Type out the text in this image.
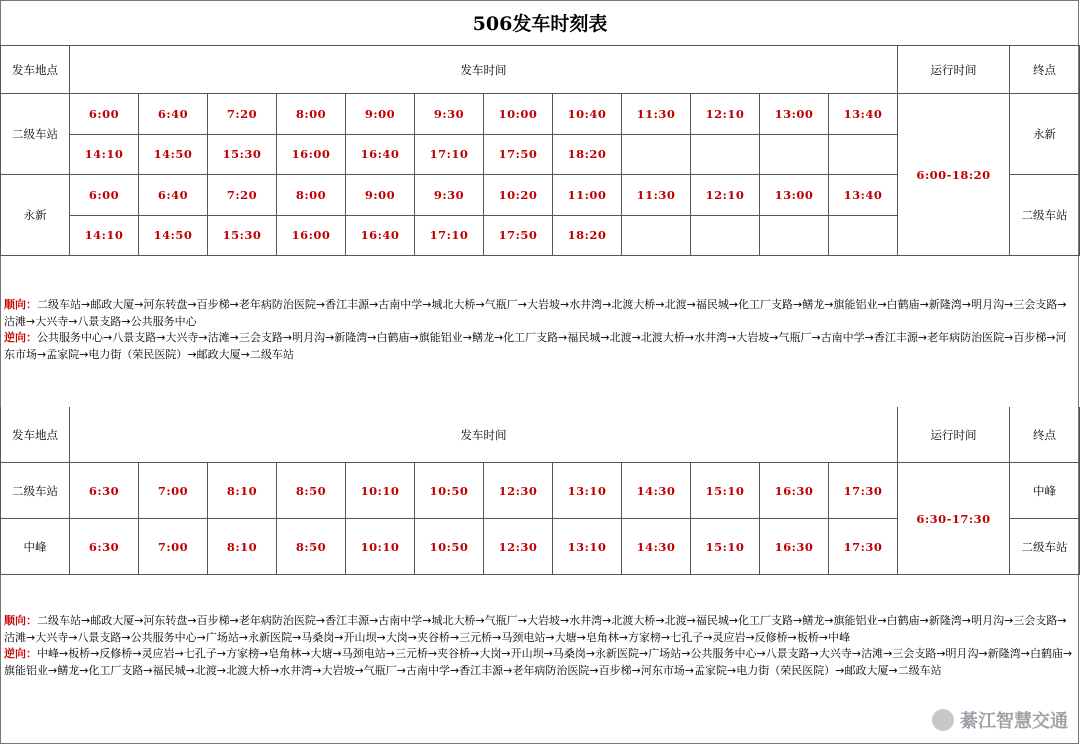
506发车时刻表
发车地点	发车时间	运行时间	终点
二级车站	永新
6:00	6:40	7:20	8:00	9:00	9:30	10:00	10:40	11:30	12:10	13:00	13:40
14:10	14:50	15:30	16:00	16:40	17:10	17:50	18:20
永新	二级车站
6:00	6:40	7:20	8:00	9:00	9:30	10:20	11:00	11:30	12:10	13:00	13:40
14:10	14:50	15:30	16:00	16:40	17:10	17:50	18:20
6:00-18:20
发车地点	发车时间	运行时间	终点
二级车站	中峰
6:30	7:00	8:10	8:50	10:10	10:50	12:30	13:10	14:30	15:10	16:30	17:30
中峰	二级车站
6:30	7:00	8:10	8:50	10:10	10:50	12:30	13:10	14:30	15:10	16:30	17:30
6:30-17:30
顺向：二级车站→邮政大厦→河东转盘→百步梯→老年病防治医院→香江丰源→古南中学→城北大桥→气瓶厂→大岩坡→水井湾→北渡大桥→北渡→福民城→化工厂支路→鳝龙→旗能铝业→白鹤庙→新隆湾→明月沟→三会支路→沽滩→大兴寺→八景支路→公共服务中心
逆向：公共服务中心→八景支路→大兴寺→沽滩→三会支路→明月沟→新隆湾→白鹤庙→旗能铝业→鳝龙→化工厂支路→福民城→北渡→北渡大桥→水井湾→大岩坡→气瓶厂→古南中学→香江丰源→老年病防治医院→百步梯→河东市场→孟家院→电力街（荣民医院）→邮政大厦→二级车站
顺向：二级车站→邮政大厦→河东转盘→百步梯→老年病防治医院→香江丰源→古南中学→城北大桥→气瓶厂→大岩坡→水井湾→北渡大桥→北渡→福民城→化工厂支路→鳝龙→旗能铝业→白鹤庙→新隆湾→明月沟→三会支路→沽滩→大兴寺→八景支路→公共服务中心→广场站→永新医院→马桑岗→开山坝→大岗→夹谷桥→三元桥→马颈电站→大塘→皂角林→方家榜→七孔子→灵应岩→反修桥→板桥→中峰
逆向：中峰→板桥→反修桥→灵应岩→七孔子→方家榜→皂角林→大塘→马颈电站→三元桥→夹谷桥→大岗→开山坝→马桑岗→永新医院→广场站→公共服务中心→八景支路→大兴寺→沽滩→三会支路→明月沟→新隆湾→白鹤庙→旗能铝业→鳝龙→化工厂支路→福民城→北渡→北渡大桥→水井湾→大岩坡→气瓶厂→古南中学→香江丰源→老年病防治医院→百步梯→河东市场→孟家院→电力街（荣民医院）→邮政大厦→二级车站
綦江智慧交通
